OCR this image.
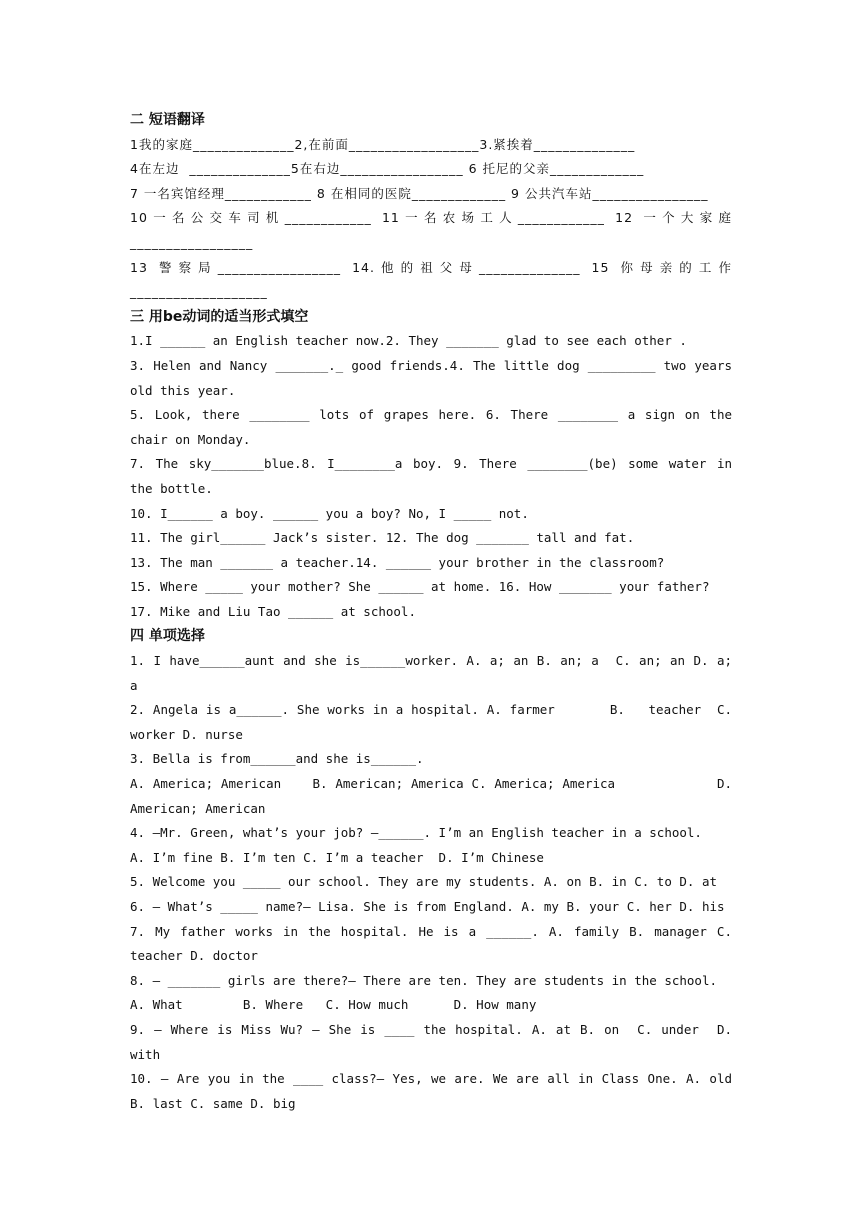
二 短语翻译
1我的家庭______________2,在前面__________________3.紧挨着______________
4在左边  ______________5在右边_________________ 6 托尼的父亲_____________
7 一名宾馆经理____________ 8 在相同的医院_____________ 9 公共汽车站________________
10一名公交车司机____________ 11一名农场工人____________ 12 一个大家庭_________________
13 警察局_________________ 14.他的祖父母______________ 15 你母亲的工作___________________
三 用be动词的适当形式填空
1.I ______ an English teacher now.2. They _______ glad to see each other .
3. Helen and Nancy _______._ good friends.4. The little dog _________ two years old this year.
5. Look, there ________ lots of grapes here. 6. There ________ a sign on the chair on Monday.
7. The sky_______blue.8. I________a boy. 9. There ________(be) some water in the bottle.
10. I______ a boy. ______ you a boy? No, I _____ not.
11. The girl______ Jack’s sister. 12. The dog _______ tall and fat.
13. The man _______ a teacher.14. ______ your brother in the classroom?
15. Where _____ your mother? She ______ at home. 16. How _______ your father?
17. Mike and Liu Tao ______ at school.
四 单项选择
1. I have______aunt and she is______worker. A. a; an B. an; a  C. an; an D. a; a
2. Angela is a______. She works in a hospital. A. farmer       B.   teacher  C. worker D. nurse
3. Bella is from______and she is______.
A. America; American    B. American; America C. America; America             D. American; American
4. —Mr. Green, what’s your job? —______. I’m an English teacher in a school.
A. I’m fine B. I’m ten C. I’m a teacher  D. I’m Chinese
5. Welcome you _____ our school. They are my students. A. on B. in C. to D. at
6. — What’s _____ name?— Lisa. She is from England. A. my B. your C. her D. his
7. My father works in the hospital. He is a ______. A. family B. manager C. teacher D. doctor
8. — _______ girls are there?— There are ten. They are students in the school.
A. What        B. Where   C. How much      D. How many
9. — Where is Miss Wu? — She is ____ the hospital. A. at B. on  C. under  D. with
10. – Are you in the ____ class?– Yes, we are. We are all in Class One. A. old B. last C. same D. big
